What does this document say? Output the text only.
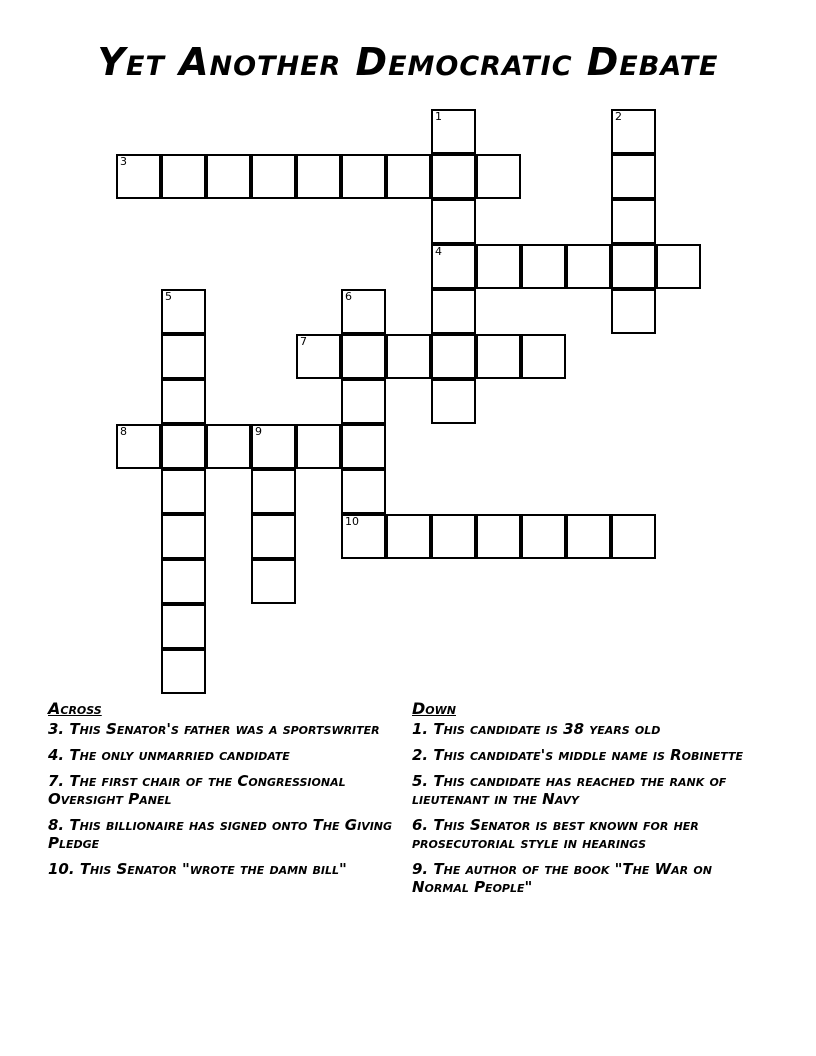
Yet Another Democratic Debate
1
4
2
3
5	6
10
7
8	9
Across
3. This Senator's father was a sportswriter
4. The only unmarried candidate
7. The first chair of the Congressional Oversight Panel
8. This billionaire has signed onto The Giving Pledge
10. This Senator "wrote the damn bill"
Down
1. This candidate is 38 years old
2. This candidate's middle name is Robinette
5. This candidate has reached the rank of lieutenant in the Navy
6. This Senator is best known for her prosecutorial style in hearings
9. The author of the book "The War on Normal People"
